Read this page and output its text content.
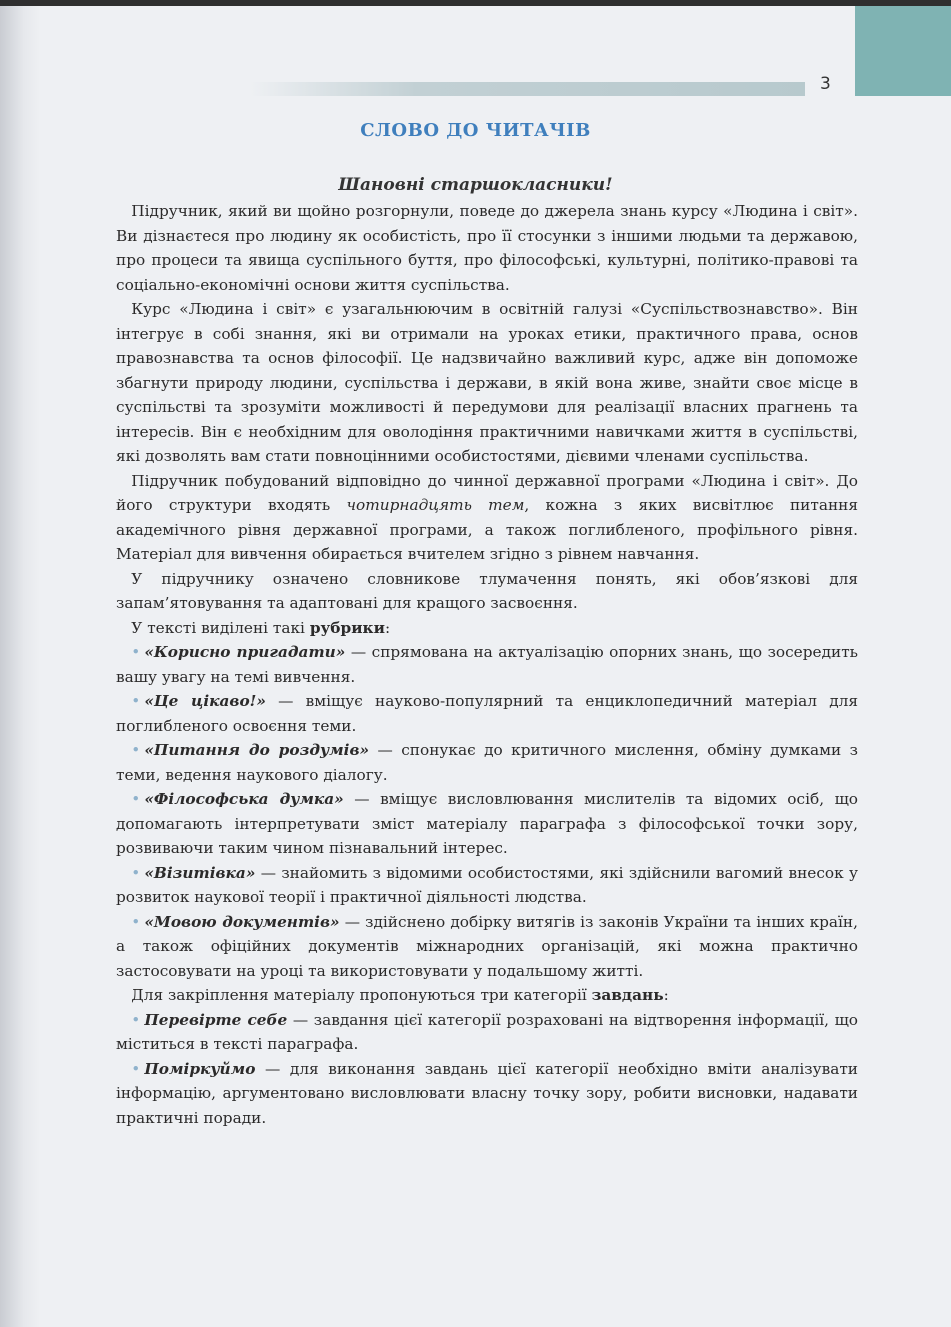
3
СЛОВО ДО ЧИТАЧІВ
Шановні старшокласники!

 Підручник, який ви щойно розгорнули, поведе до джерела знань курсу «Людина і світ». Ви дізнаєтеся про людину як особистість, про її стосунки з іншими людьми та державою, про процеси та явища суспільного буття, про філософські, культурні, політико-правові та соціально-економічні основи життя суспільства.

 Курс «Людина і світ» є узагальнюючим в освітній галузі «Суспільствознавство». Він інтегрує в собі знання, які ви отримали на уроках етики, практичного права, основ правознавства та основ філософії. Це надзвичайно важливий курс, адже він допоможе збагнути природу людини, суспільства і держави, в якій вона живе, знайти своє місце в суспільстві та зрозуміти можливості й передумови для реалізації власних прагнень та інтересів. Він є необхідним для оволодіння практичними навичками життя в суспільстві, які дозволять вам стати повноцінними особистостями, дієвими членами суспільства.

 Підручник побудований відповідно до чинної державної програми «Людина і світ». До його структури входять чотирнадцять тем, кожна з яких висвітлює питання академічного рівня державної програми, а також поглибленого, профільного рівня. Матеріал для вивчення обирається вчителем згідно з рівнем навчання.

 У підручнику означено словникове тлумачення понять, які обов’язкові для запам’ятовування та адаптовані для кращого засвоєння.

 У тексті виділені такі рубрики:

 • «Корисно пригадати» — спрямована на актуалізацію опорних знань, що зосередить вашу увагу на темі вивчення.

 • «Це цікаво!» — вміщує науково-популярний та енциклопедичний матеріал для поглибленого освоєння теми.

 • «Питання до роздумів» — спонукає до критичного мислення, обміну думками з теми, ведення наукового діалогу.

 • «Філософська думка» — вміщує висловлювання мислителів та відомих осіб, що допомагають інтерпретувати зміст матеріалу параграфа з філософської точки зору, розвиваючи таким чином пізнавальний інтерес.

 • «Візитівка» — знайомить з відомими особистостями, які здійснили вагомий внесок у розвиток наукової теорії і практичної діяльності людства.

 • «Мовою документів» — здійснено добірку витягів із законів України та інших країн, а також офіційних документів міжнародних організацій, які можна практично застосовувати на уроці та використовувати у подальшому житті.

 Для закріплення матеріалу пропонуються три категорії завдань:

 • Перевірте себе — завдання цієї категорії розраховані на відтворення інформації, що міститься в тексті параграфа.

 • Поміркуймо — для виконання завдань цієї категорії необхідно вміти аналізувати інформацію, аргументовано висловлювати власну точку зору, робити висновки, надавати практичні поради.
